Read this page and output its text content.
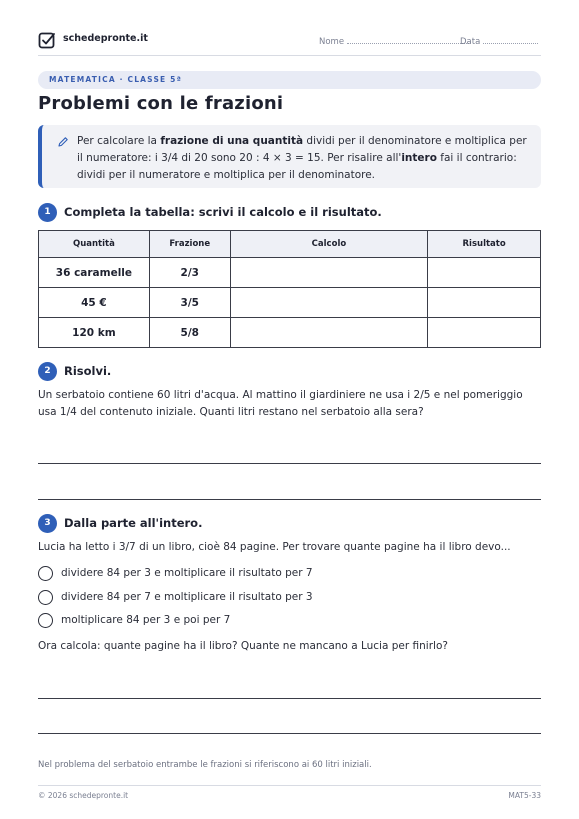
schedepronte.it	Nome	Data
MATEMATICA · CLASSE 5ª
Problemi con le frazioni
Per calcolare la frazione di una quantità dividi per il denominatore e moltiplica per il numeratore: i 3/4 di 20 sono 20 : 4 × 3 = 15. Per risalire all'intero fai il contrario: dividi per il numeratore e moltiplica per il denominatore.
1	Completa la tabella: scrivi il calcolo e il risultato.
Quantità	Frazione	Calcolo	Risultato
36 caramelle	2/3		
45 €	3/5		
120 km	5/8		
2	Risolvi.
Un serbatoio contiene 60 litri d'acqua. Al mattino il giardiniere ne usa i 2/5 e nel pomeriggio usa 1/4 del contenuto iniziale. Quanti litri restano nel serbatoio alla sera?
3	Dalla parte all'intero.
Lucia ha letto i 3/7 di un libro, cioè 84 pagine. Per trovare quante pagine ha il libro devo...
dividere 84 per 3 e moltiplicare il risultato per 7
dividere 84 per 7 e moltiplicare il risultato per 3
moltiplicare 84 per 3 e poi per 7
Ora calcola: quante pagine ha il libro? Quante ne mancano a Lucia per finirlo?
Nel problema del serbatoio entrambe le frazioni si riferiscono ai 60 litri iniziali.
© 2026 schedepronte.it	MAT5-33
